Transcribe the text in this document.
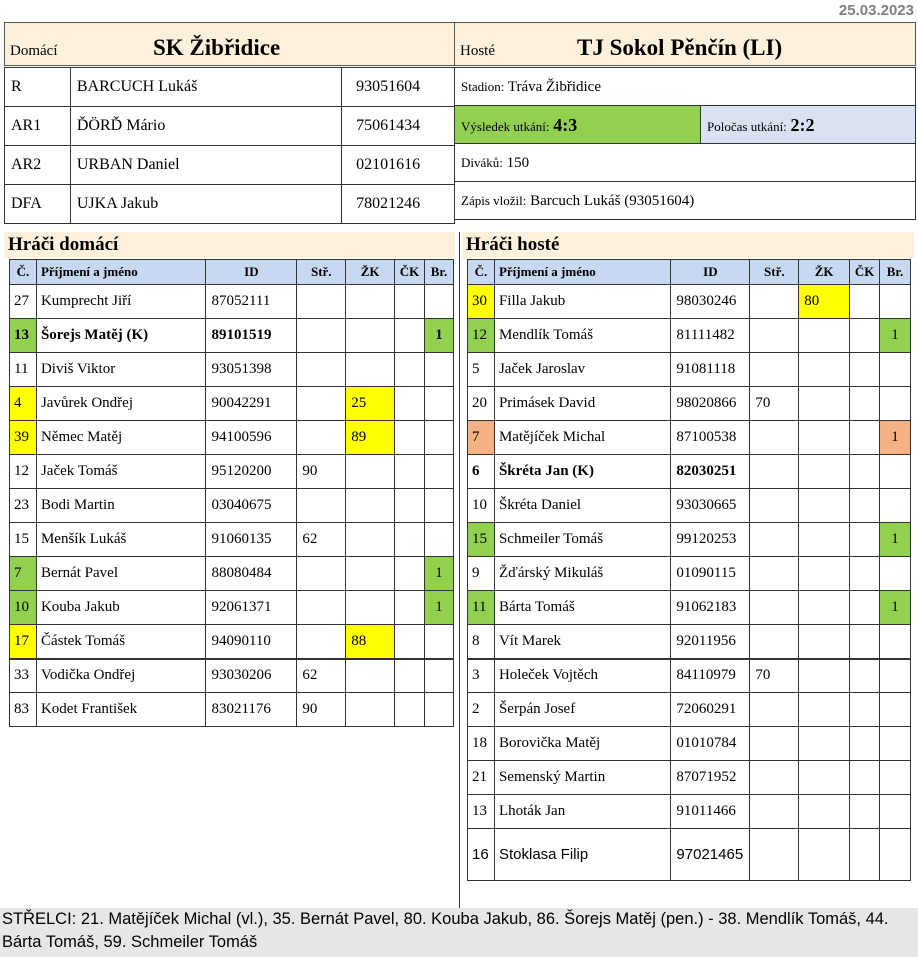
25.03.2023
Domácí	SK Žibřidice	Hosté	TJ Sokol Pěnčín (LI)
R	BARCUCH Lukáš	93051604
AR1	ĎÖRĎ Mário	75061434
AR2	URBAN Daniel	02101616
DFA	UJKA Jakub	78021246
Stadion: Tráva Žibřidice
Výsledek utkání: 4:3	Poločas utkání: 2:2
Diváků: 150
Zápis vložil: Barcuch Lukáš (93051604)
Hráči domácí	Hráči hosté
Č.	Příjmení a jméno	ID	Stř.	ŽK	ČK	Br.
27	Kumprecht Jiří	87052111				
13	Šorejs Matěj (K)	89101519				1
11	Diviš Viktor	93051398				
4	Javůrek Ondřej	90042291		25		
39	Němec Matěj	94100596		89		
12	Jaček Tomáš	95120200	90			
23	Bodi Martin	03040675				
15	Menšík Lukáš	91060135	62			
7	Bernát Pavel	88080484				1
10	Kouba Jakub	92061371				1
17	Částek Tomáš	94090110		88		
33	Vodička Ondřej	93030206	62			
83	Kodet František	83021176	90			
Č.	Příjmení a jméno	ID	Stř.	ŽK	ČK	Br.
30	Filla Jakub	98030246		80		
12	Mendlík Tomáš	81111482				1
5	Jaček Jaroslav	91081118				
20	Primásek David	98020866	70			
7	Matějíček Michal	87100538				1
6	Škréta Jan (K)	82030251				
10	Škréta Daniel	93030665				
15	Schmeiler Tomáš	99120253				1
9	Žďárský Mikuláš	01090115				
11	Bárta Tomáš	91062183				1
8	Vít Marek	92011956				
3	Holeček Vojtěch	84110979	70			
2	Šerpán Josef	72060291				
18	Borovička Matěj	01010784				
21	Semenský Martin	87071952				
13	Lhoták Jan	91011466				
16	Stoklasa Filip	97021465				
STŘELCI: 21. Matějíček Michal (vl.), 35. Bernát Pavel, 80. Kouba Jakub, 86. Šorejs Matěj (pen.) - 38. Mendlík Tomáš, 44. Bárta Tomáš, 59. Schmeiler Tomáš
